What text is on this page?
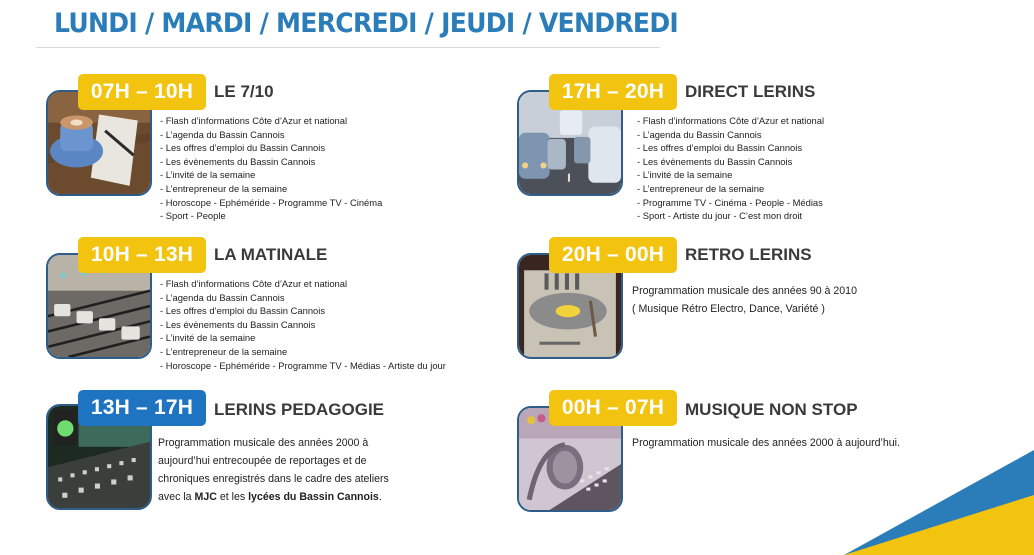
LUNDI / MARDI / MERCREDI / JEUDI / VENDREDI
07H – 10H	LE 7/10
- Flash d’informations Côte d’Azur et national
- L’agenda du Bassin Cannois
- Les offres d’emploi du Bassin Cannois
- Les évènements du Bassin Cannois
- L’invité de la semaine
- L’entrepreneur de la semaine
- Horoscope - Ephéméride - Programme TV - Cinéma
- Sport - People
10H – 13H	LA MATINALE
- Flash d’informations Côte d’Azur et national
- L’agenda du Bassin Cannois
- Les offres d’emploi du Bassin Cannois
- Les évènements du Bassin Cannois
- L’invité de la semaine
- L’entrepreneur de la semaine
- Horoscope - Ephéméride - Programme TV - Médias - Artiste du jour
13H – 17H	LERINS PEDAGOGIE
Programmation musicale des années 2000 à
aujourd’hui entrecoupée de reportages et de
chroniques enregistrés dans le cadre des ateliers
avec la MJC et les lycées du Bassin Cannois.
17H – 20H	DIRECT LERINS
- Flash d’informations Côte d’Azur et national
- L’agenda du Bassin Cannois
- Les offres d’emploi du Bassin Cannois
- Les évènements du Bassin Cannois
- L’invité de la semaine
- L’entrepreneur de la semaine
- Programme TV - Cinéma - People - Médias
- Sport - Artiste du jour - C’est mon droit
20H – 00H	RETRO LERINS
Programmation musicale des années 90 à 2010
( Musique Rétro Electro, Dance, Variété )
00H – 07H	MUSIQUE NON STOP
Programmation musicale des années 2000 à aujourd’hui.
